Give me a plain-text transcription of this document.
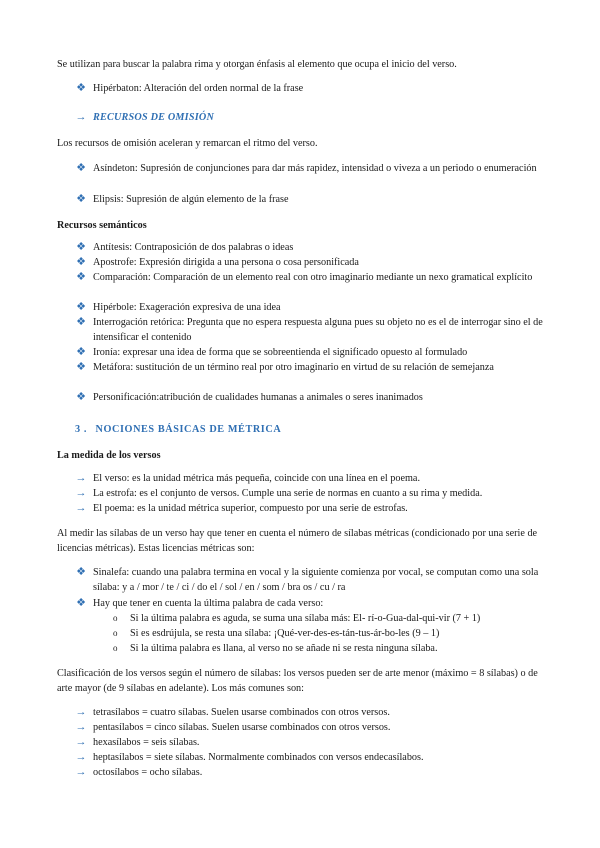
Se utilizan para buscar la palabra rima y otorgan énfasis al elemento que ocupa el inicio del verso.

❖ Hipérbaton: Alteración del orden normal de la frase
→ RECURSOS DE OMISIÓN

Los recursos de omisión aceleran y remarcan el ritmo del verso.

❖ Asíndeton: Supresión de conjunciones para dar más rapidez, intensidad o viveza a un periodo o enumeración
❖ Elipsis: Supresión de algún elemento de la frase

Recursos semánticos

❖ Antítesis: Contraposición de dos palabras o ideas
❖ Apostrofe: Expresión dirigida a una persona o cosa personificada
❖ Comparación: Comparación de un elemento real con otro imaginario mediante un nexo gramatical explícito
❖ Hipérbole: Exageración expresiva de una idea
❖ Interrogación retórica: Pregunta que no espera respuesta alguna pues su objeto no es el de interrogar sino el de intensificar el contenido
❖ Ironía: expresar una idea de forma que se sobreentienda el significado opuesto al formulado
❖ Metáfora: sustitución de un término real por otro imaginario en virtud de su relación de semejanza
❖ Personificación:atribución de cualidades humanas a animales o seres inanimados
3 . NOCIONES BÁSICAS DE MÉTRICA

La medida de los versos

→ El verso: es la unidad métrica más pequeña, coincide con una línea en el poema.
→ La estrofa: es el conjunto de versos. Cumple una serie de normas en cuanto a su rima y medida.
→ El poema: es la unidad métrica superior, compuesto por una serie de estrofas.

Al medir las sílabas de un verso hay que tener en cuenta el número de sílabas métricas (condicionado por una serie de licencias métricas). Estas licencias métricas son:

❖ Sinalefa: cuando una palabra termina en vocal y la siguiente comienza por vocal, se computan como una sola sílaba: y a / mor / te / ci / do el / sol / en / som / bra os / cu / ra
❖ Hay que tener en cuenta la última palabra de cada verso:
o Si la última palabra es aguda, se suma una sílaba más: El- rí-o-Gua-dal-qui-vir (7 + 1)
o Si es esdrújula, se resta una sílaba: ¡Qué-ver-des-es-tán-tus-ár-bo-les (9 – 1)
o Si la última palabra es llana, al verso no se añade ni se resta ninguna sílaba.

Clasificación de los versos según el número de sílabas: los versos pueden ser de arte menor (máximo = 8 sílabas) o de arte mayor (de 9 sílabas en adelante). Los más comunes son:

→ tetrasílabos = cuatro sílabas. Suelen usarse combinados con otros versos.
→ pentasílabos = cinco sílabas. Suelen usarse combinados con otros versos.
→ hexasílabos = seis sílabas.
→ heptasílabos = siete sílabas. Normalmente combinados con versos endecasílabos.
→ octosílabos = ocho sílabas.
